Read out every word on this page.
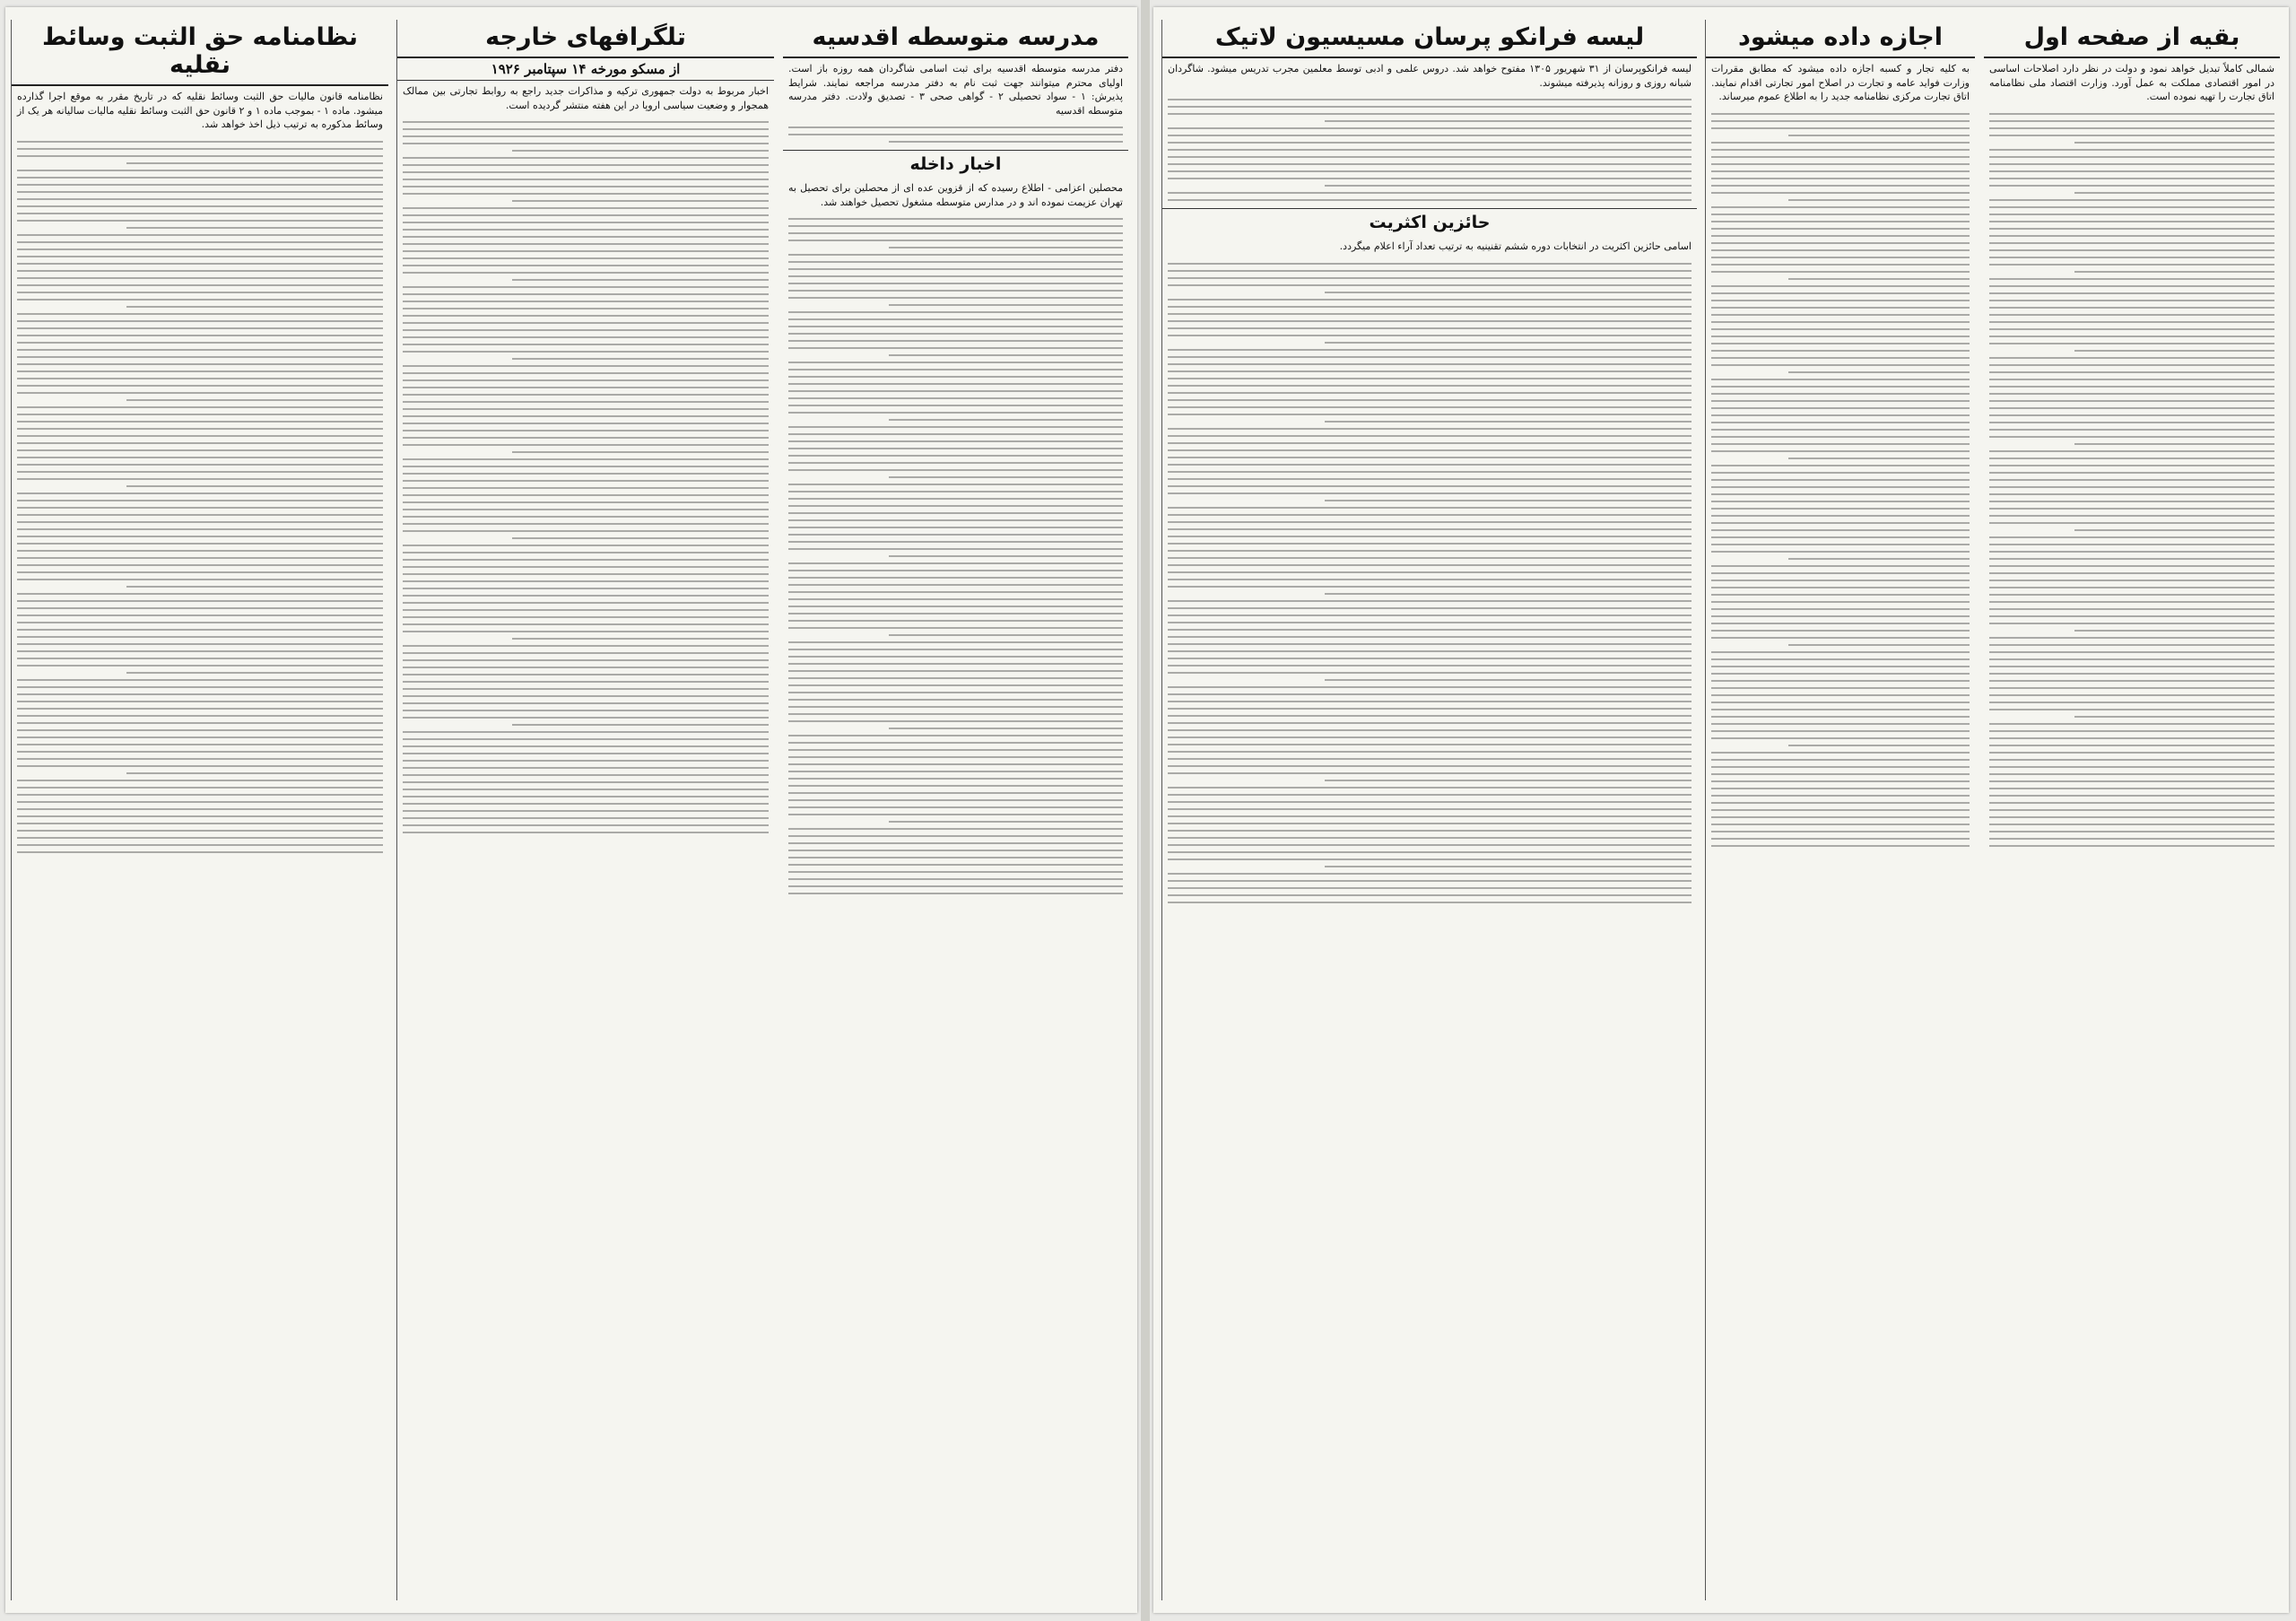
مدرسه متوسطه اقدسیه
دفتر مدرسه متوسطه اقدسیه برای ثبت اسامی شاگردان همه روزه باز است. اولیای محترم میتوانند جهت ثبت نام به دفتر مدرسه مراجعه نمایند. شرایط پذیرش: ۱ - سواد تحصیلی ۲ - گواهی صحی ۳ - تصدیق ولادت. دفتر مدرسه متوسطه اقدسیه
اخبار داخله
محصلین اعزامی - اطلاع رسیده که از قزوین عده ای از محصلین برای تحصیل به تهران عزیمت نموده اند و در مدارس متوسطه مشغول تحصیل خواهند شد.
تلگرافهای خارجه
از مسکو مورخه ۱۴ سپتامبر ۱۹۲۶
اخبار مربوط به دولت جمهوری ترکیه و مذاکرات جدید راجع به روابط تجارتی بین ممالک همجوار و وضعیت سیاسی اروپا در این هفته منتشر گردیده است.
نظامنامه حق الثبت وسائط نقلیه
نظامنامه قانون مالیات حق الثبت وسائط نقلیه که در تاریخ مقرر به موقع اجرا گذارده میشود. ماده ۱ - بموجب ماده ۱ و ۲ قانون حق الثبت وسائط نقلیه مالیات سالیانه هر یک از وسائط مذکوره به ترتیب ذیل اخذ خواهد شد.
بقیه از صفحه اول
شمالی کاملاً تبدیل خواهد نمود و دولت در نظر دارد اصلاحات اساسی در امور اقتصادی مملکت به عمل آورد. وزارت اقتصاد ملی نظامنامه اتاق تجارت را تهیه نموده است.
اجازه داده میشود
به کلیه تجار و کسبه اجازه داده میشود که مطابق مقررات وزارت فواید عامه و تجارت در اصلاح امور تجارتی اقدام نمایند. اتاق تجارت مرکزی نظامنامه جدید را به اطلاع عموم میرساند.
لیسه فرانکو پرسان مسیسیون لاتیک
لیسه فرانکوپرسان از ۳۱ شهریور ۱۳۰۵ مفتوح خواهد شد. دروس علمی و ادبی توسط معلمین مجرب تدریس میشود. شاگردان شبانه روزی و روزانه پذیرفته میشوند.
حائزین اکثریت
اسامی حائزین اکثریت در انتخابات دوره ششم تقنینیه به ترتیب تعداد آراء اعلام میگردد.
